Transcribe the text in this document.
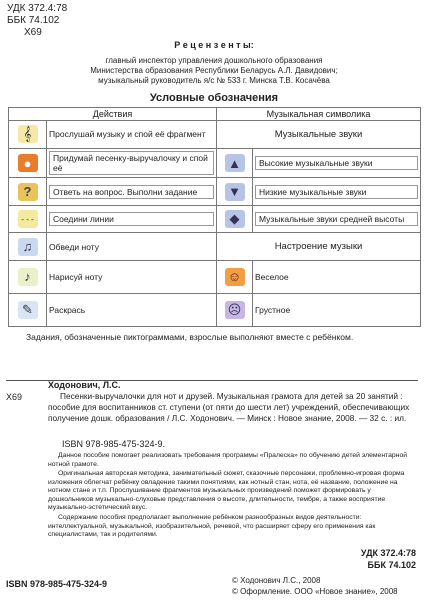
УДК 372.4:78
ББК 74.102
Х69
Р е ц е н з е н т ы:
главный инспектор управления дошкольного образования
Министерства образования Республики Беларусь А.Л. Давидович;
музыкальный руководитель я/с № 533 г. Минска Т.В. Косачёва
Условные обозначения
Действия		Музыкальная символика	

𝄞	Прослушай музыку и спой её фрагмент	Музыкальные звуки	

●	Придумай песенку-выручалочку и спой её	▲	Высокие музыкальные звуки

?	Ответь на вопрос. Выполни задание	▼	Низкие музыкальные звуки

- - -	Соедини линии	◆	Музыкальные звуки средней высоты

♫	Обведи ноту	Настроение музыки	

♪	Нарисуй ноту	☺	Веселое

✎	Раскрась	☹	Грустное
Задания, обозначенные пиктограммами, взрослые выполняют вместе с ребёнком.
Х69
Ходонович, Л.С.
Песенки-выручалочки для нот и друзей. Музыкальная грамота для детей за 20 занятий : пособие для воспитанников ст. ступени (от пяти до шести лет) учреждений, обеспечивающих получение дошк. образования / Л.С. Ходонович. — Минск : Новое знание, 2008. — 32 с. : ил.
ISBN 978-985-475-324-9.
Данное пособие помогает реализовать требования программы «Пралеска» по обучению детей элементарной нотной грамоте.
Оригинальная авторская методика, занимательный сюжет, сказочные персонажи, проблемно-игровая форма изложения облегчат ребёнку овладение такими понятиями, как нотный стан, нота, её название, положение на нотном стане и т.п. Прослушивание фрагментов музыкальных произведений поможет формировать у дошкольников музыкально-слуховые представления о высоте, длительности, тембре, а также восприятие музыкально-эстетический вкус.
Содержание пособия предполагает выполнение ребёнком разнообразных видов деятельности: интеллектуальной, музыкальной, изобразительной, речевой, что расширяет сферу его применения как специалистами, так и родителями.
УДК 372.4:78
ББК 74.102
ISBN 978-985-475-324-9	© Ходонович Л.С., 2008
© Оформление. ООО «Новое знание», 2008
